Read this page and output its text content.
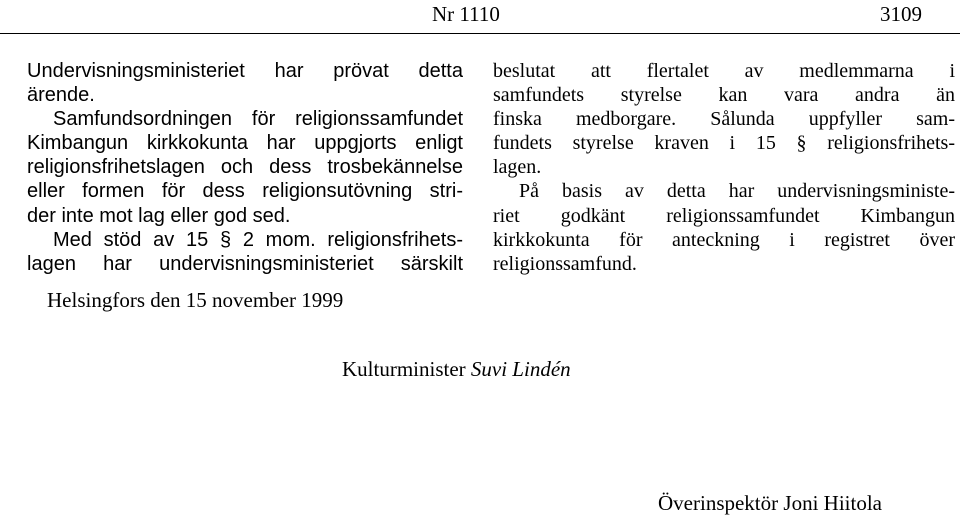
Nr 1110	3109
Undervisningsministeriet har prövat detta
ärende.
Samfundsordningen för religionssamfundet
Kimbangun kirkkokunta har uppgjorts enligt
religionsfrihetslagen och dess trosbekännelse
eller formen för dess religionsutövning stri-
der inte mot lag eller god sed.
Med stöd av 15 § 2 mom. religionsfrihets-
lagen har undervisningsministeriet särskilt
beslutat att flertalet av medlemmarna i
samfundets styrelse kan vara andra än
finska medborgare. Sålunda uppfyller sam-
fundets styrelse kraven i 15 § religionsfrihets-
lagen.
På basis av detta har undervisningsministe-
riet godkänt religionssamfundet Kimbangun
kirkkokunta för anteckning i registret över
religionssamfund.
Helsingfors den 15 november 1999
Kulturminister Suvi Lindén
Överinspektör Joni Hiitola
